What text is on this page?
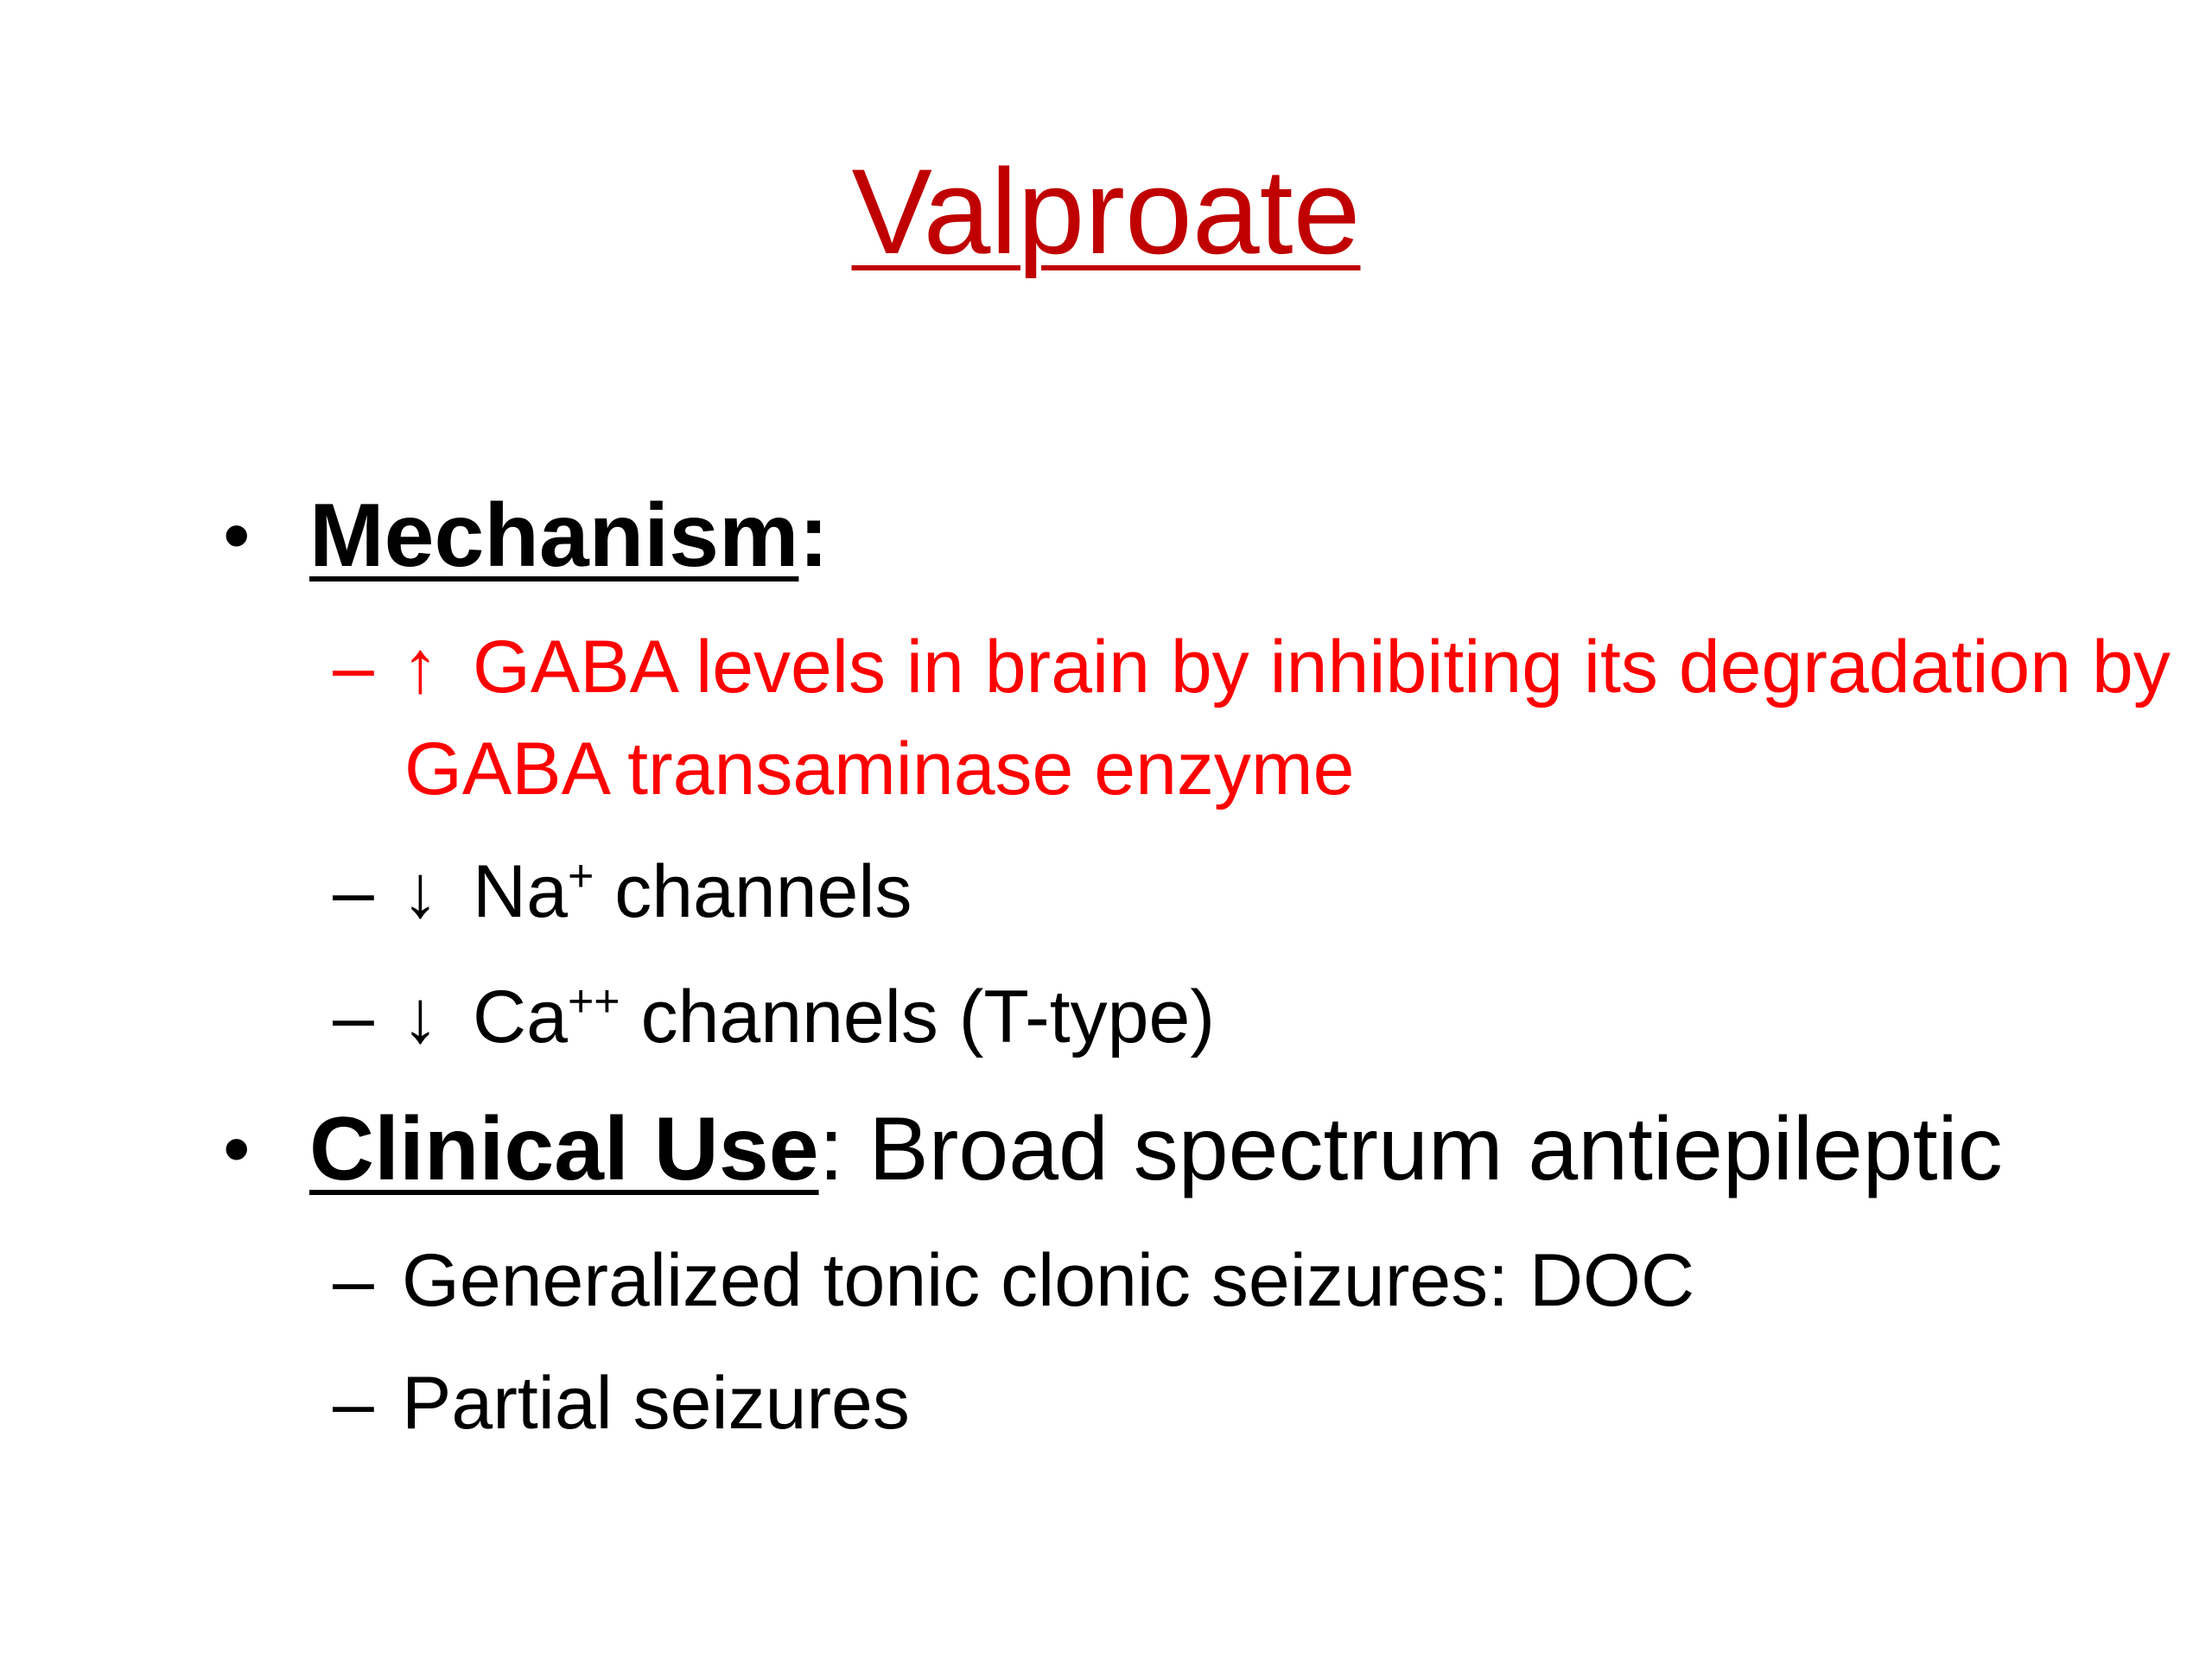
Valproate
• Mechanism:
– ↑ GABA levels in brain by inhibiting its degradation by
GABA transaminase enzyme
– ↓ Na+ channels
– ↓ Ca++ channels (T-type)
• Clinical Use: Broad spectrum antiepileptic
– Generalized tonic clonic seizures: DOC
– Partial seizures
